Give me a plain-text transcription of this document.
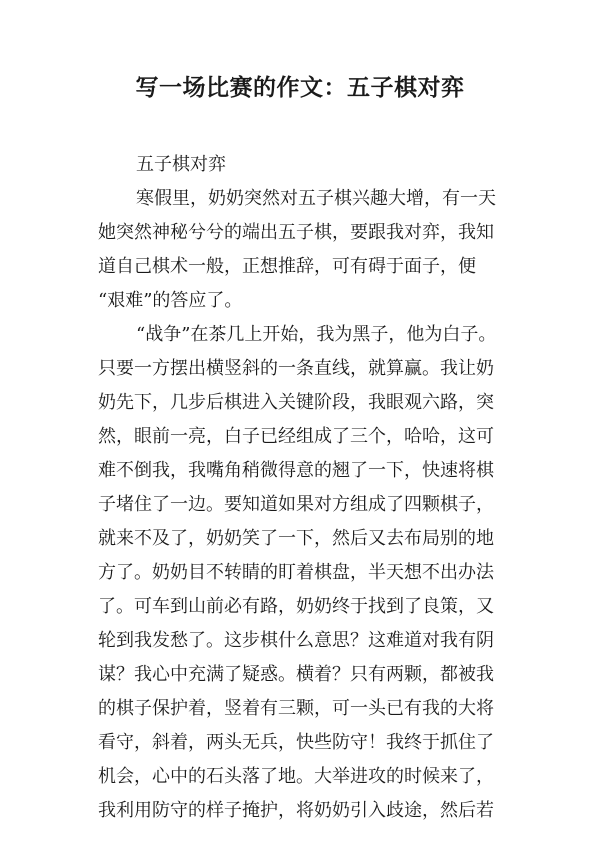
写一场比赛的作文：五子棋对弈
五子棋对弈
寒假里，奶奶突然对五子棋兴趣大增，有一天
她突然神秘兮兮的端出五子棋，要跟我对弈，我知
道自己棋术一般，正想推辞，可有碍于面子，便
“艰难”的答应了。
“战争”在茶几上开始，我为黑子，他为白子。
只要一方摆出横竖斜的一条直线，就算赢。我让奶
奶先下，几步后棋进入关键阶段，我眼观六路，突
然，眼前一亮，白子已经组成了三个，哈哈，这可
难不倒我，我嘴角稍微得意的翘了一下，快速将棋
子堵住了一边。要知道如果对方组成了四颗棋子，
就来不及了，奶奶笑了一下，然后又去布局别的地
方了。奶奶目不转睛的盯着棋盘，半天想不出办法
了。可车到山前必有路，奶奶终于找到了良策，又
轮到我发愁了。这步棋什么意思？这难道对我有阴
谋？我心中充满了疑惑。横着？只有两颗，都被我
的棋子保护着，竖着有三颗，可一头已有我的大将
看守，斜着，两头无兵，快些防守！我终于抓住了
机会，心中的石头落了地。大举进攻的时候来了，
我利用防守的样子掩护，将奶奶引入歧途，然后若
